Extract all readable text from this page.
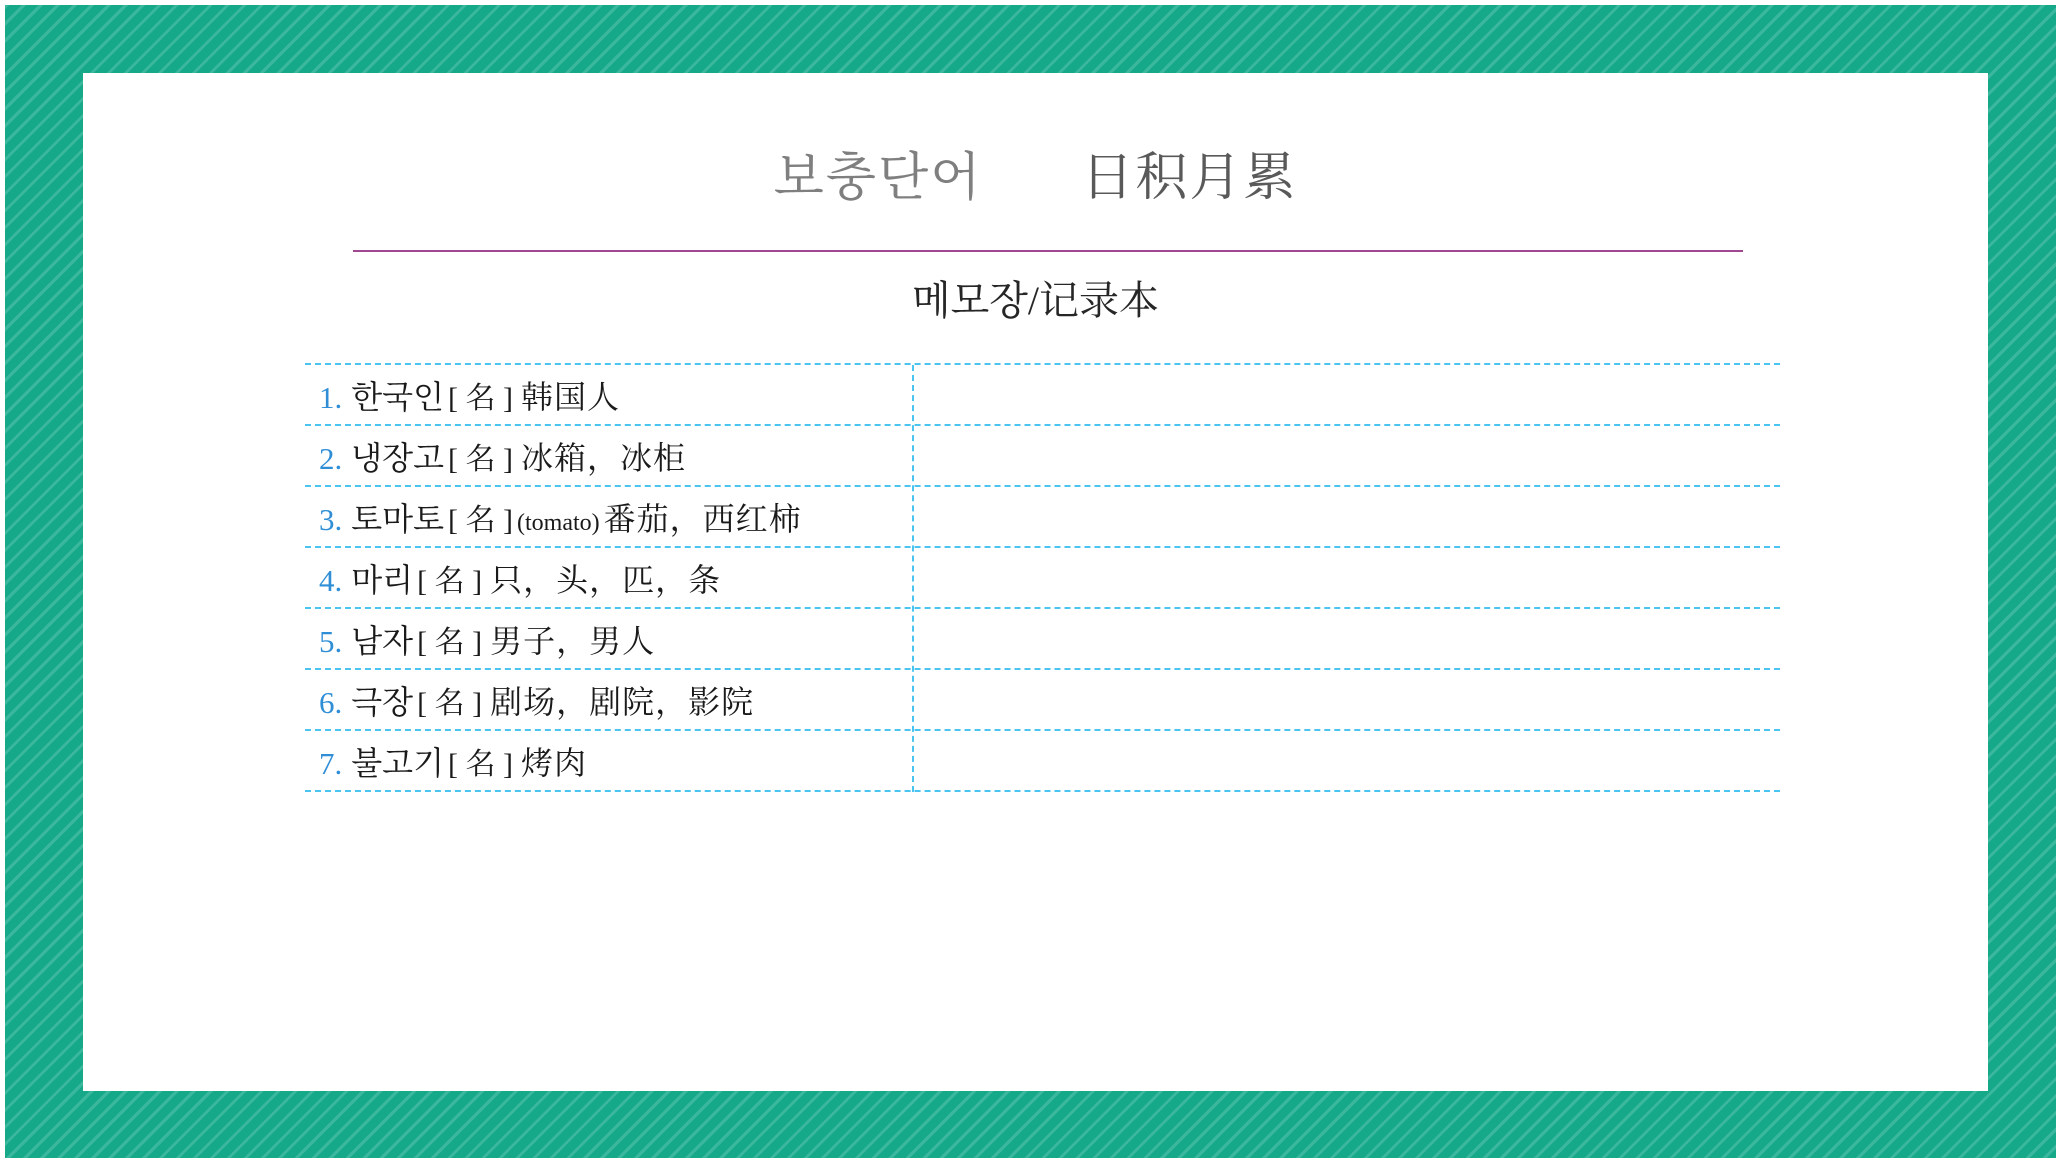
보충단어 日积月累
메모장/记录本
1. 한국인 [ 名 ] 韩国人
2. 냉장고 [ 名 ] 冰箱，冰柜
3. 토마토 [ 名 ] (tomato) 番茄，西红柿
4. 마리 [ 名 ] 只，头，匹，条
5. 남자 [ 名 ] 男子，男人
6. 극장 [ 名 ] 剧场，剧院，影院
7. 불고기 [ 名 ] 烤肉
